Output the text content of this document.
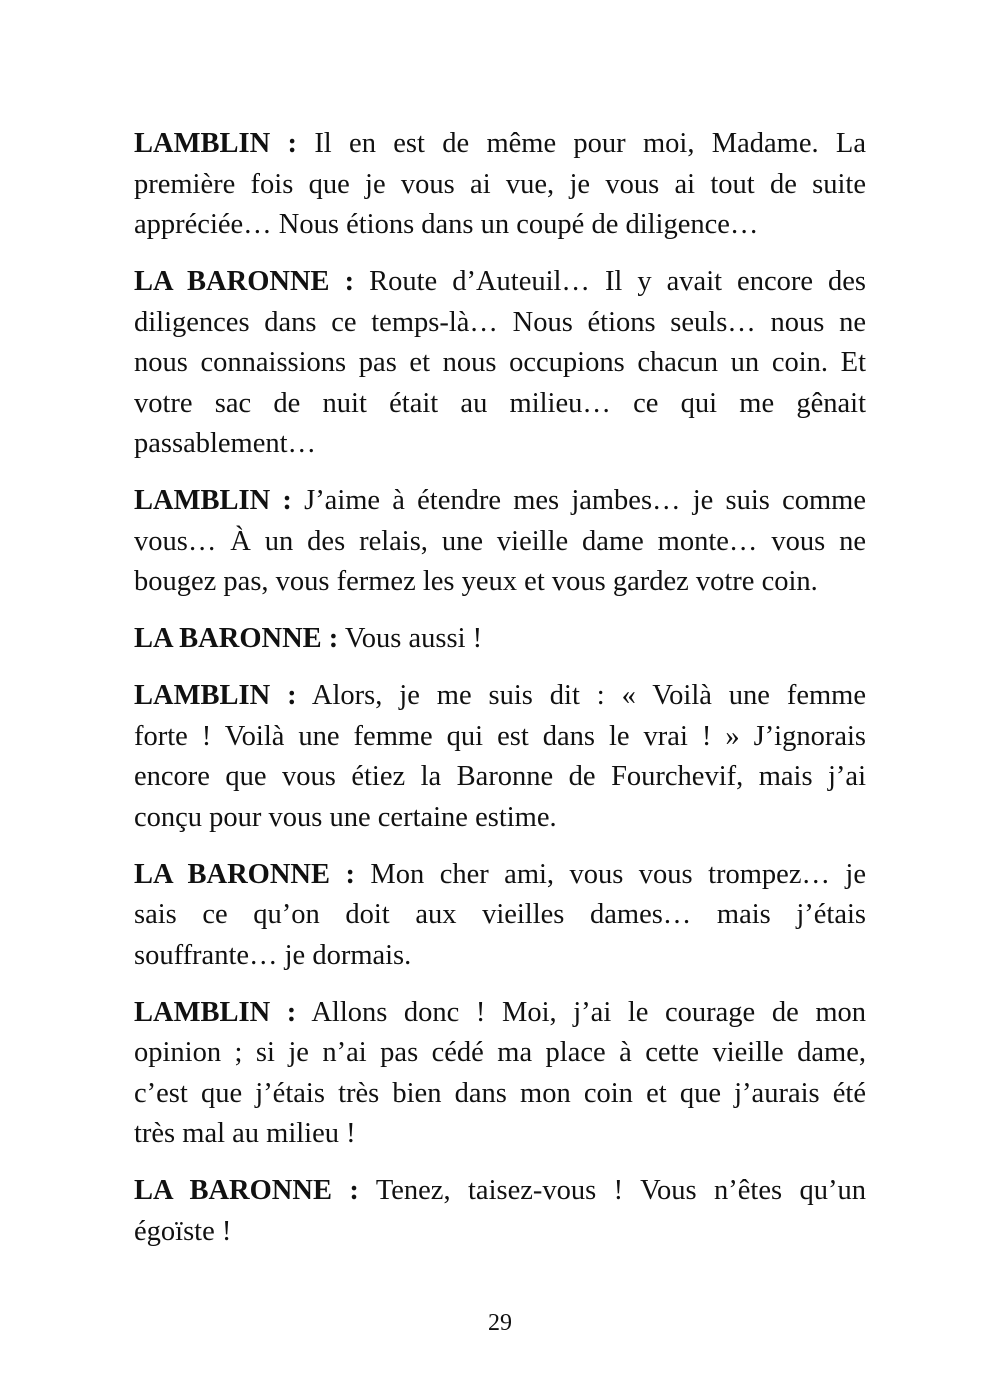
LAMBLIN : Il en est de même pour moi, Madame. La
première fois que je vous ai vue, je vous ai tout de suite
appréciée… Nous étions dans un coupé de diligence…
LA BARONNE : Route d’Auteuil… Il y avait encore des
diligences dans ce temps-là… Nous étions seuls… nous ne
nous connaissions pas et nous occupions chacun un coin. Et
votre sac de nuit était au milieu… ce qui me gênait
passablement…
LAMBLIN : J’aime à étendre mes jambes… je suis comme
vous… À un des relais, une vieille dame monte… vous ne
bougez pas, vous fermez les yeux et vous gardez votre coin.
LA BARONNE : Vous aussi !
LAMBLIN : Alors, je me suis dit : « Voilà une femme
forte ! Voilà une femme qui est dans le vrai ! » J’ignorais
encore que vous étiez la Baronne de Fourchevif, mais j’ai
conçu pour vous une certaine estime.
LA BARONNE : Mon cher ami, vous vous trompez… je
sais ce qu’on doit aux vieilles dames… mais j’étais
souffrante… je dormais.
LAMBLIN : Allons donc ! Moi, j’ai le courage de mon
opinion ; si je n’ai pas cédé ma place à cette vieille dame,
c’est que j’étais très bien dans mon coin et que j’aurais été
très mal au milieu !
LA BARONNE : Tenez, taisez-vous ! Vous n’êtes qu’un
égoïste !
29
